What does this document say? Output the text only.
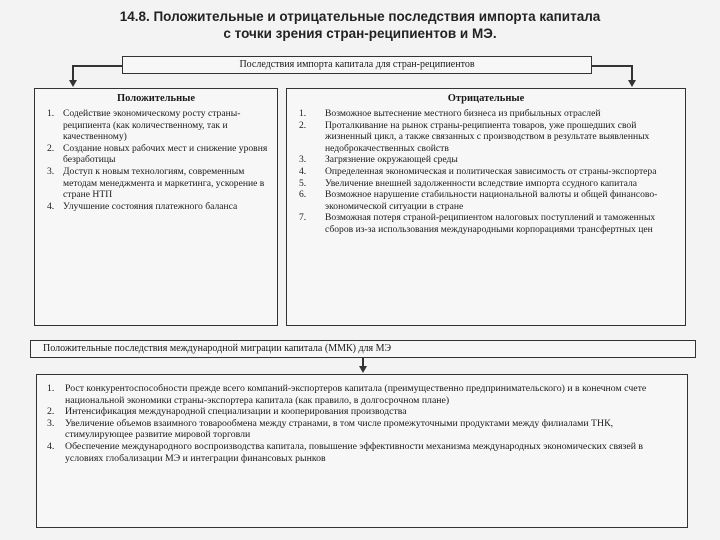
14.8. Положительные и отрицательные последствия импорта капитала
с точки зрения стран-реципиентов и МЭ.
Последствия импорта капитала для стран-реципиентов
Положительные
1. Содействие экономическому росту страны-реципиента (как количественному, так и качественному)
2. Создание новых рабочих мест и снижение уровня безработицы
3. Доступ к новым технологиям, современным методам менеджмента и маркетинга, ускорение в стране НТП
4. Улучшение состояния платежного баланса
Отрицательные
1.	Возможное вытеснение местного бизнеса из прибыльных отраслей
2.	Проталкивание на рынок страны-реципиента товаров, уже прошедших свой жизненный цикл, а также связанных с производством в результате выявленных недоброкачественных свойств
3.	Загрязнение окружающей среды
4.	Определенная экономическая и политическая зависимость от страны-экспортера
5.	Увеличение внешней задолженности вследствие импорта ссудного капитала
6.	Возможное нарушение стабильности национальной валюты и общей финансово-экономической ситуации в стране
7.	Возможная потеря страной-реципиентом налоговых поступлений и таможенных сборов из-за использования международными корпорациями трансфертных цен
Положительные последствия международной миграции капитала (ММК) для МЭ
1.	Рост конкурентоспособности прежде всего компаний-экспортеров капитала (преимущественно предпринимательского) и в конечном счете национальной экономики страны-экспортера капитала (как правило, в долгосрочном плане)
2.	Интенсификация международной специализации и кооперирования производства
3.	Увеличение объемов взаимного товарообмена между странами, в том числе промежуточными продуктами между филиалами ТНК, стимулирующее развитие мировой торговли
4.	Обеспечение международного воспроизводства капитала, повышение эффективности механизма международных экономических связей в условиях глобализации МЭ и интеграции финансовых рынков
